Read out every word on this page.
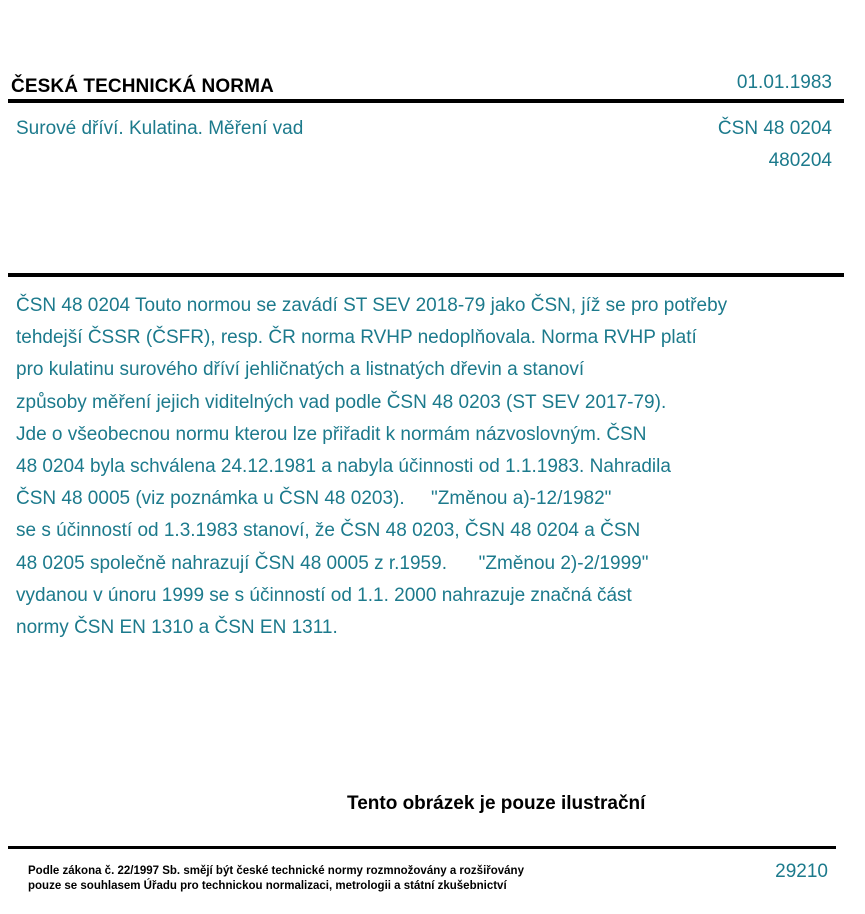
ČESKÁ TECHNICKÁ NORMA	01.01.1983
Surové dříví. Kulatina. Měření vad	ČSN 48 0204
480204
ČSN 48 0204 Touto normou se zavádí ST SEV 2018-79 jako ČSN, jíž se pro potřeby
tehdejší ČSSR (ČSFR), resp. ČR norma RVHP nedoplňovala. Norma RVHP platí
pro kulatinu surového dříví jehličnatých a listnatých dřevin a stanoví
způsoby měření jejich viditelných vad podle ČSN 48 0203 (ST SEV 2017-79).
Jde o všeobecnou normu kterou lze přiřadit k normám názvoslovným. ČSN
48 0204 byla schválena 24.12.1981 a nabyla účinnosti od 1.1.1983. Nahradila
ČSN 48 0005 (viz poznámka u ČSN 48 0203).     "Změnou a)-12/1982"
se s účinností od 1.3.1983 stanoví, že ČSN 48 0203, ČSN 48 0204 a ČSN
48 0205 společně nahrazují ČSN 48 0005 z r.1959.      "Změnou 2)-2/1999"
vydanou v únoru 1999 se s účinností od 1.1. 2000 nahrazuje značná část
normy ČSN EN 1310 a ČSN EN 1311.
Tento obrázek je pouze ilustrační
Podle zákona č. 22/1997 Sb. smějí být české technické normy rozmnožovány a rozšiřovány
pouze se souhlasem Úřadu pro technickou normalizaci, metrologii a státní zkušebnictví
29210
